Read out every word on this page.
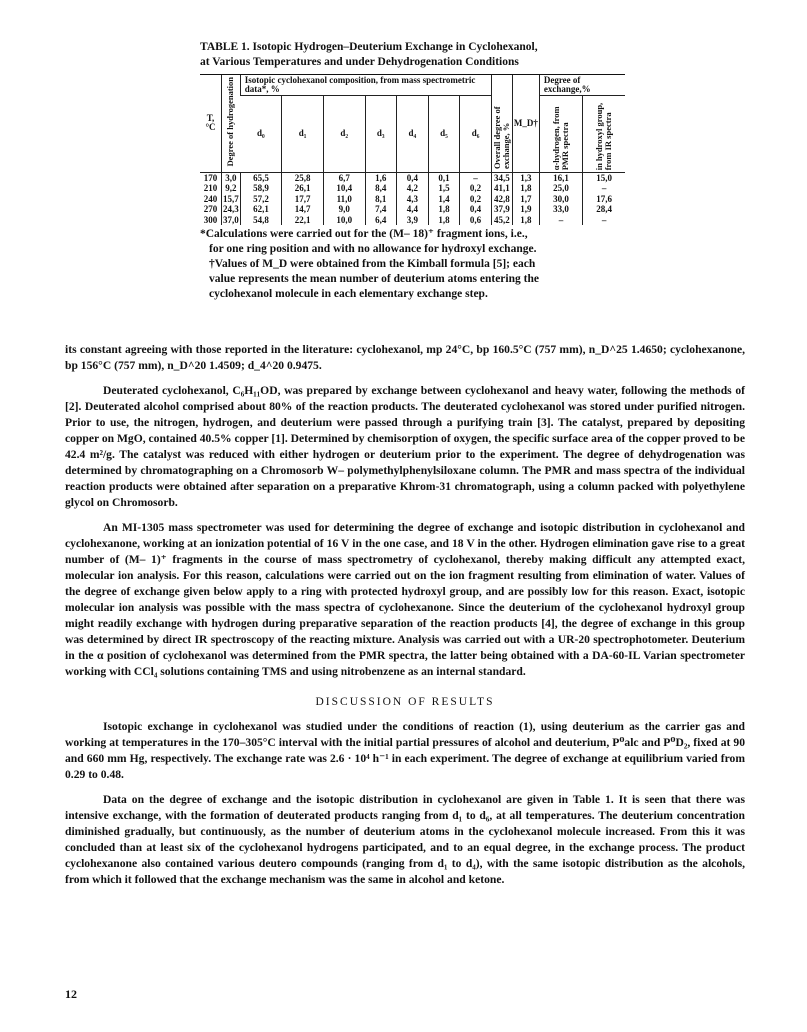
TABLE 1. Isotopic Hydrogen–Deuterium Exchange in Cyclohexanol,
at Various Temperatures and under Dehydrogenation Conditions
T, °C	Degree of hydrogenation	Isotopic cyclohexanol composition, from mass spectrometric data*, %							Overall degree of exchange, %	M_D†	Degree of exchange,%	
		d₀	d₁	d₂	d₃	d₄	d₅	d₆			α-hydrogen, from PMR spectra	in hydroxyl group, from IR spectra
170	3,0	65,5	25,8	6,7	1,6	0,4	0,1	–	34,5	1,3	16,1	15,0
210	9,2	58,9	26,1	10,4	8,4	4,2	1,5	0,2	41,1	1,8	25,0	–
240	15,7	57,2	17,7	11,0	8,1	4,3	1,4	0,2	42,8	1,7	30,0	17,6
270	24,3	62,1	14,7	9,0	7,4	4,4	1,8	0,4	37,9	1,9	33,0	28,4
300	37,0	54,8	22,1	10,0	6,4	3,9	1,8	0,6	45,2	1,8	–	–

*Calculations were carried out for the (M– 18)⁺ fragment ions, i.e.,

for one ring position and with no allowance for hydroxyl exchange.

†Values of M_D were obtained from the Kimball formula [5]; each

value represents the mean number of deuterium atoms entering the

cyclohexanol molecule in each elementary exchange step.

its constant agreeing with those reported in the literature: cyclohexanol, mp 24°C, bp 160.5°C (757 mm), n_D^25 1.4650; cyclohexanone, bp 156°C (757 mm), n_D^20 1.4509; d_4^20 0.9475.

Deuterated cyclohexanol, C₆H₁₁OD, was prepared by exchange between cyclohexanol and heavy water, following the methods of [2]. Deuterated alcohol comprised about 80% of the reaction products. The deuterated cyclohexanol was stored under purified nitrogen. Prior to use, the nitrogen, hydrogen, and deuterium were passed through a purifying train [3]. The catalyst, prepared by depositing copper on MgO, contained 40.5% copper [1]. Determined by chemisorption of oxygen, the specific surface area of the copper proved to be 42.4 m²/g. The catalyst was reduced with either hydrogen or deuterium prior to the experiment. The degree of dehydrogenation was determined by chromatographing on a Chromosorb W– polymethylphenylsiloxane column. The PMR and mass spectra of the individual reaction products were obtained after separation on a preparative Khrom-31 chromatograph, using a column packed with polyethylene glycol on Chromosorb.

An MI-1305 mass spectrometer was used for determining the degree of exchange and isotopic distribution in cyclohexanol and cyclohexanone, working at an ionization potential of 16 V in the one case, and 18 V in the other. Hydrogen elimination gave rise to a great number of (M– 1)⁺ fragments in the course of mass spectrometry of cyclohexanol, thereby making difficult any attempted exact, molecular ion analysis. For this reason, calculations were carried out on the ion fragment resulting from elimination of water. Values of the degree of exchange given below apply to a ring with protected hydroxyl group, and are possibly low for this reason. Exact, isotopic molecular ion analysis was possible with the mass spectra of cyclohexanone. Since the deuterium of the cyclohexanol hydroxyl group might readily exchange with hydrogen during preparative separation of the reaction products [4], the degree of exchange in this group was determined by direct IR spectroscopy of the reacting mixture. Analysis was carried out with a UR-20 spectrophotometer. Deuterium in the α position of cyclohexanol was determined from the PMR spectra, the latter being obtained with a DA-60-IL Varian spectrometer working with CCl₄ solutions containing TMS and using nitrobenzene as an internal standard.

DISCUSSION OF RESULTS

Isotopic exchange in cyclohexanol was studied under the conditions of reaction (1), using deuterium as the carrier gas and working at temperatures in the 170–305°C interval with the initial partial pressures of alcohol and deuterium, P⁰alc and P⁰D₂, fixed at 90 and 660 mm Hg, respectively. The exchange rate was 2.6 · 10⁴ h⁻¹ in each experiment. The degree of exchange at equilibrium varied from 0.29 to 0.48.

Data on the degree of exchange and the isotopic distribution in cyclohexanol are given in Table 1. It is seen that there was intensive exchange, with the formation of deuterated products ranging from d₁ to d₆, at all temperatures. The deuterium concentration diminished gradually, but continuously, as the number of deuterium atoms in the cyclohexanol molecule increased. From this it was concluded than at least six of the cyclohexanol hydrogens participated, and to an equal degree, in the exchange process. The product cyclohexanone also contained various deutero compounds (ranging from d₁ to d₄), with the same isotopic distribution as the alcohols, from which it followed that the exchange mechanism was the same in alcohol and ketone.

12
